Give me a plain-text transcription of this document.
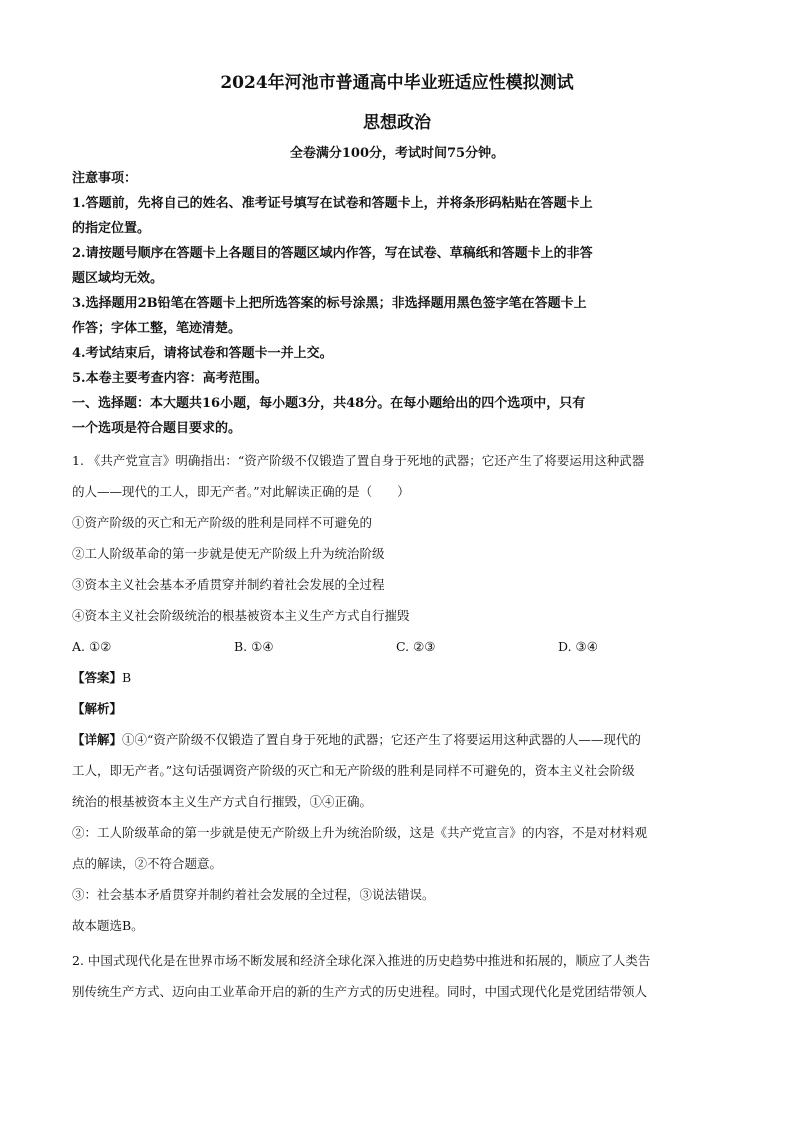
2024年河池市普通高中毕业班适应性模拟测试
思想政治

全卷满分100分，考试时间75分钟。

注意事项：

1.答题前，先将自己的姓名、准考证号填写在试卷和答题卡上，并将条形码粘贴在答题卡上

的指定位置。

2.请按题号顺序在答题卡上各题目的答题区域内作答，写在试卷、草稿纸和答题卡上的非答

题区域均无效。

3.选择题用2B铅笔在答题卡上把所选答案的标号涂黑；非选择题用黑色签字笔在答题卡上

作答；字体工整，笔迹清楚。

4.考试结束后，请将试卷和答题卡一并上交。

5.本卷主要考查内容：高考范围。

一、选择题：本大题共16小题，每小题3分，共48分。在每小题给出的四个选项中，只有

一个选项是符合题目要求的。

1. 《共产党宣言》明确指出：“资产阶级不仅锻造了置自身于死地的武器；它还产生了将要运用这种武器

的人——现代的工人，即无产者。”对此解读正确的是（　　）

①资产阶级的灭亡和无产阶级的胜利是同样不可避免的

②工人阶级革命的第一步就是使无产阶级上升为统治阶级

③资本主义社会基本矛盾贯穿并制约着社会发展的全过程

④资本主义社会阶级统治的根基被资本主义生产方式自行摧毁

A. ①②	B. ①④	C. ②③	D. ③④

【答案】B

【解析】

【详解】①④“资产阶级不仅锻造了置自身于死地的武器；它还产生了将要运用这种武器的人——现代的

工人，即无产者。”这句话强调资产阶级的灭亡和无产阶级的胜利是同样不可避免的，资本主义社会阶级

统治的根基被资本主义生产方式自行摧毁，①④正确。

②：工人阶级革命的第一步就是使无产阶级上升为统治阶级，这是《共产党宣言》的内容，不是对材料观

点的解读，②不符合题意。

③：社会基本矛盾贯穿并制约着社会发展的全过程，③说法错误。

故本题选B。

2. 中国式现代化是在世界市场不断发展和经济全球化深入推进的历史趋势中推进和拓展的，顺应了人类告

别传统生产方式、迈向由工业革命开启的新的生产方式的历史进程。同时，中国式现代化是党团结带领人
